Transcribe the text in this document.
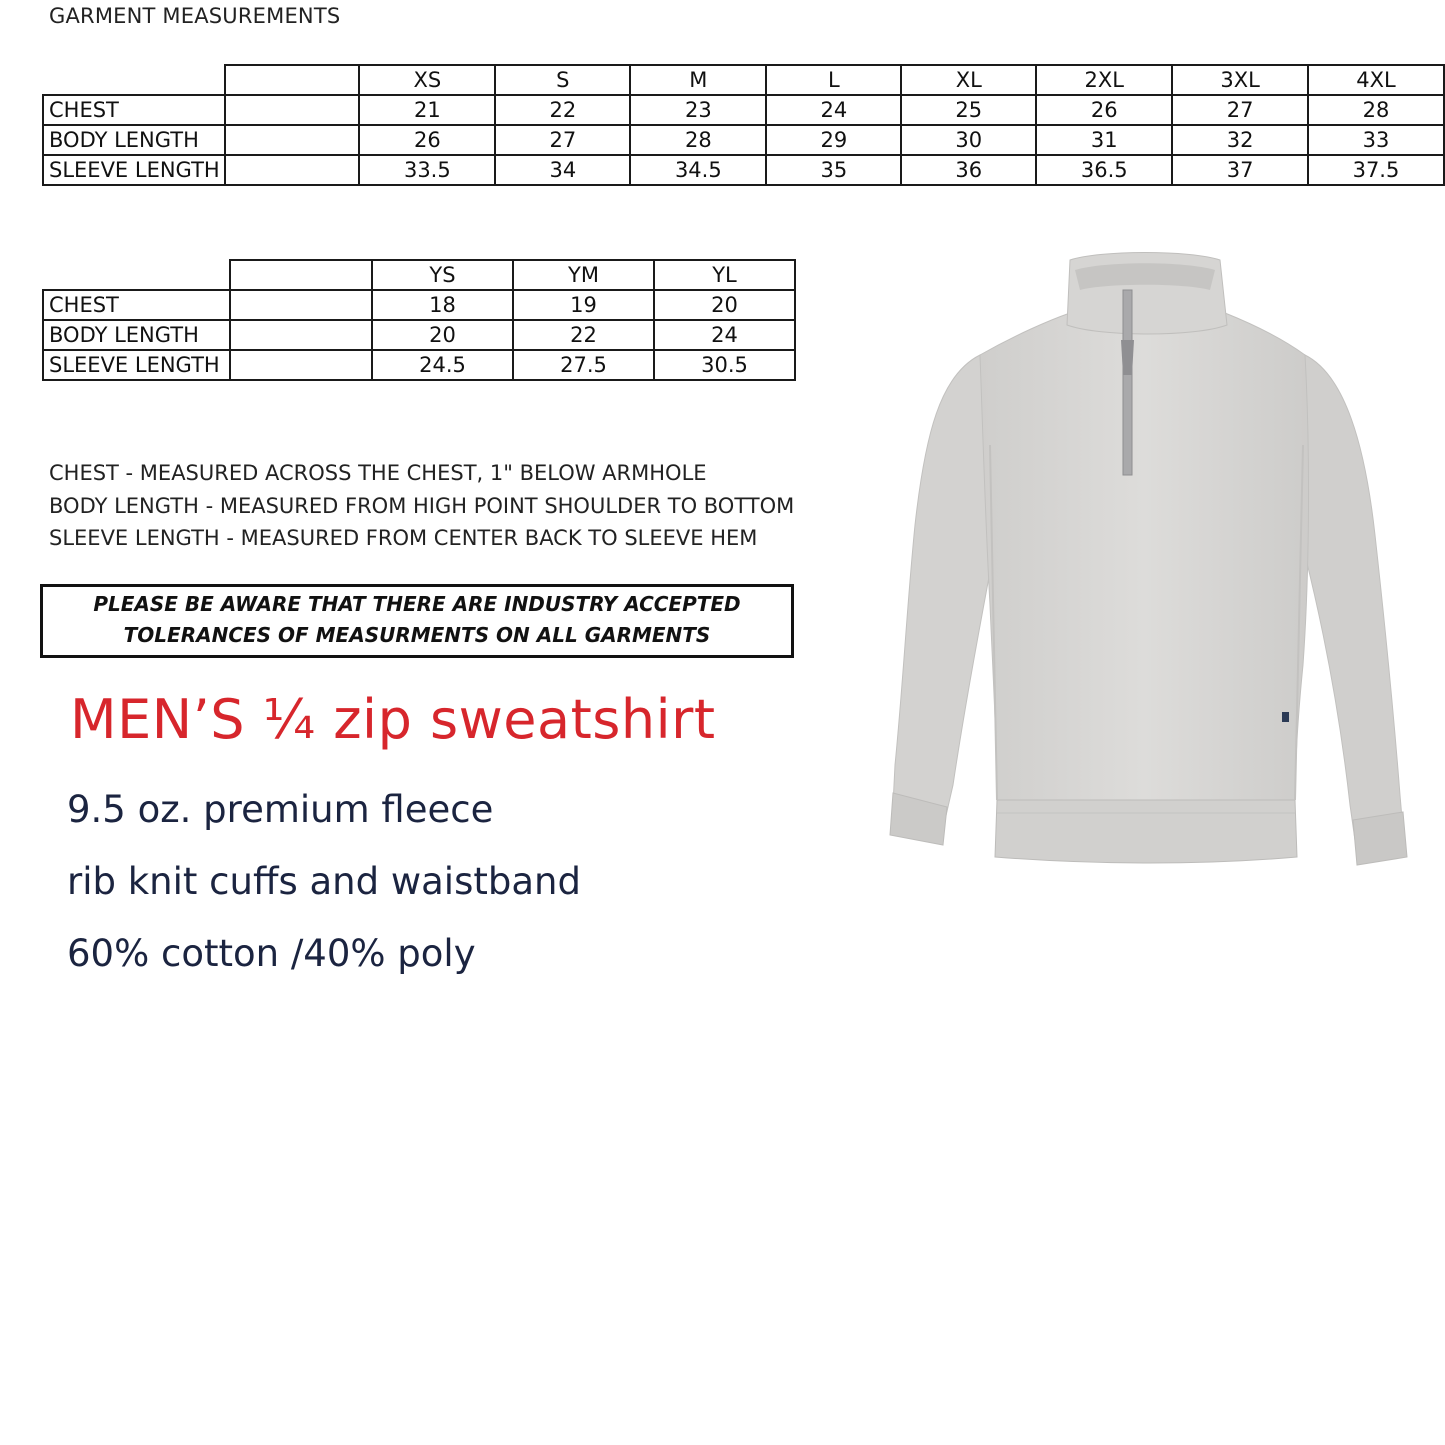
GARMENT MEASUREMENTS
		XS	S	M	L	XL	2XL	3XL	4XL
CHEST		21	22	23	24	25	26	27	28
BODY LENGTH		26	27	28	29	30	31	32	33
SLEEVE LENGTH		33.5	34	34.5	35	36	36.5	37	37.5
		YS	YM	YL
CHEST		18	19	20
BODY LENGTH		20	22	24
SLEEVE LENGTH		24.5	27.5	30.5
CHEST - MEASURED ACROSS THE CHEST, 1" BELOW ARMHOLE
BODY LENGTH - MEASURED FROM HIGH POINT SHOULDER TO BOTTOM
SLEEVE LENGTH - MEASURED FROM CENTER BACK TO SLEEVE HEM
PLEASE BE AWARE THAT THERE ARE INDUSTRY ACCEPTED
TOLERANCES OF MEASURMENTS ON ALL GARMENTS
MEN’S ¼ zip sweatshirt
9.5 oz. premium fleece
rib knit cuffs and waistband
60% cotton /40% poly
